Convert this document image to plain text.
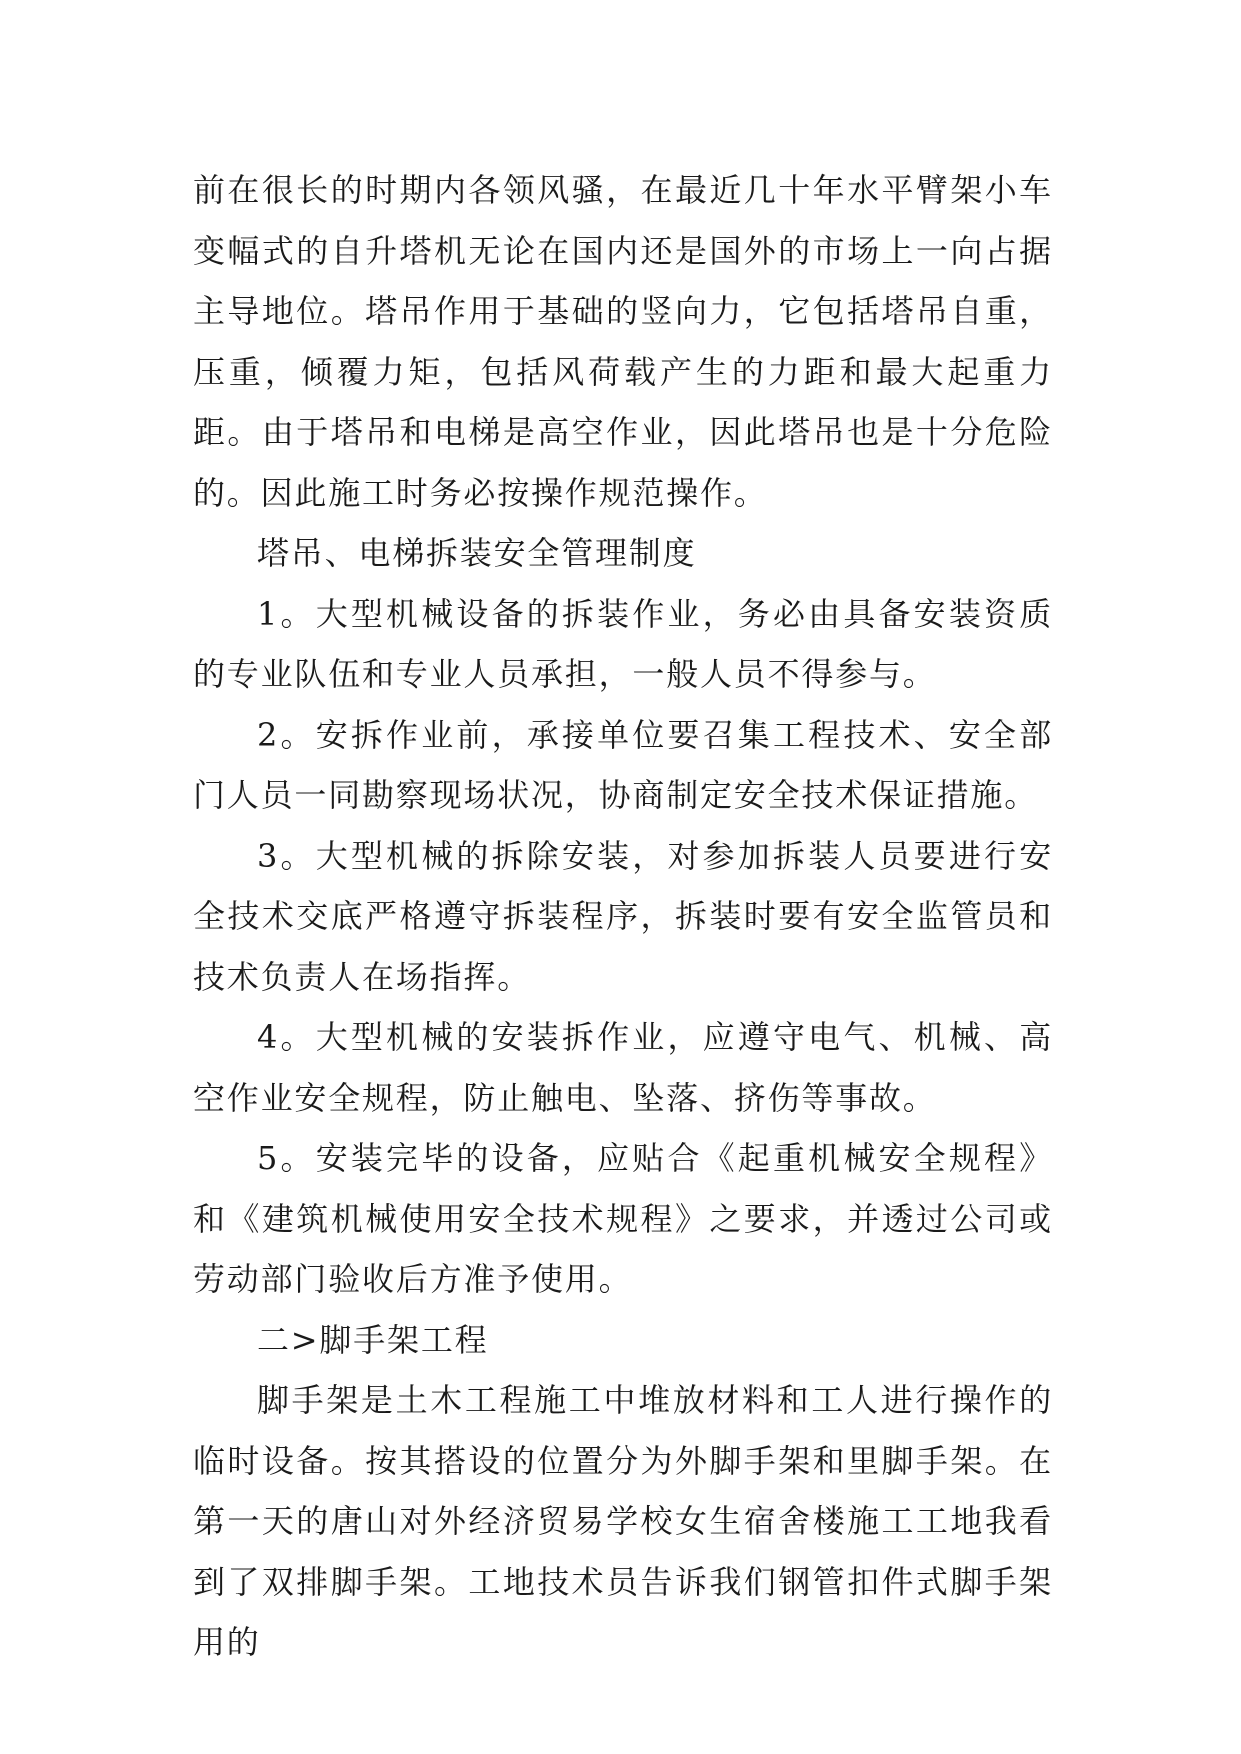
前在很长的时期内各领风骚，在最近几十年水平臂架小车变幅式的自升塔机无论在国内还是国外的市场上一向占据主导地位。塔吊作用于基础的竖向力，它包括塔吊自重，压重，倾覆力矩，包括风荷载产生的力距和最大起重力距。由于塔吊和电梯是高空作业，因此塔吊也是十分危险的。因此施工时务必按操作规范操作。

塔吊、电梯拆装安全管理制度

1。大型机械设备的拆装作业，务必由具备安装资质的专业队伍和专业人员承担，一般人员不得参与。

2。安拆作业前，承接单位要召集工程技术、安全部门人员一同勘察现场状况，协商制定安全技术保证措施。

3。大型机械的拆除安装，对参加拆装人员要进行安全技术交底严格遵守拆装程序，拆装时要有安全监管员和技术负责人在场指挥。

4。大型机械的安装拆作业，应遵守电气、机械、高空作业安全规程，防止触电、坠落、挤伤等事故。

5。安装完毕的设备，应贴合《起重机械安全规程》和《建筑机械使用安全技术规程》之要求，并透过公司或劳动部门验收后方准予使用。

二>脚手架工程

脚手架是土木工程施工中堆放材料和工人进行操作的临时设备。按其搭设的位置分为外脚手架和里脚手架。在第一天的唐山对外经济贸易学校女生宿舍楼施工工地我看到了双排脚手架。工地技术员告诉我们钢管扣件式脚手架用的
